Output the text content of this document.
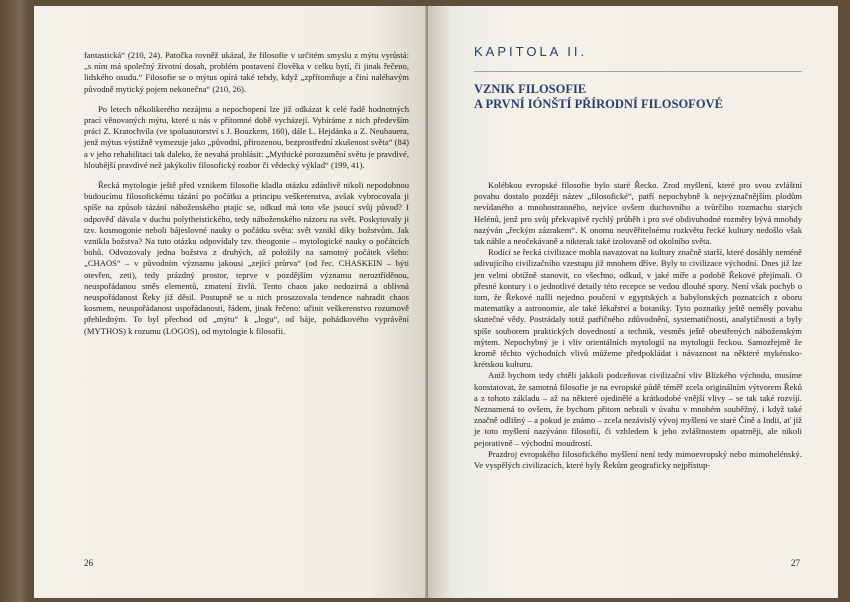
fantastická“ (210, 24). Patočka rovněž ukázal, že filosofie v určitém smyslu z mýtu vyrůstá: „s ním má společný životní dosah, problém postavení člověka v celku bytí, či jinak řečeno, lidského osudu.“ Filosofie se o mýtus opírá také tehdy, když „zpřítomňuje a činí naléhavým původně mytický pojem nekonečna“ (210, 26).

Po letech několikerého nezájmu a nepochopení lze již odkázat k celé řadě hodnotných prací věnovaných mýtu, které u nás v přítomné době vycházejí. Vybíráme z nich především práci Z. Kratochvíla (ve spoluautorství s J. Bouzkem, 160), dále L. Hejdánka a Z. Neubauera, jenž mýtus výstižně vymezuje jako „původní, přirozenou, bezprostřední zkušenost světa“ (84) a v jeho rehabilitaci tak daleko, že nevahá prohlásit: „Mythické porozumění světu je pravdivé, hloubější pravdivé než jakýkoliv filosofický rozbor či vědecký výklad“ (199, 41).

Řecká mytologie ještě před vznikem filosofie kladla otázku zdánlivě nikoli nepodobnou budoucímu filosofickému tázání po počátku a principu veškerenstva, avšak vybrocovala ji spíše na způsob tázání náboženského ptajíc se, odkud má toto vše jsoucí svůj původ? I odpověď dávala v duchu polytheistického, tedy náboženského názoru na svět. Poskytovaly ji tzv. kosmogonie neboli bájeslovné nauky o počátku světa: svět vznikl díky božstvům. Jak vznikla božstva? Na tuto otázku odpovídaly tzv. theogonie – mytologické nauky o počátcích bohů. Odvozovaly jedna božstva z druhých, až položily na samotný počátek všeho: „CHAOS“ – v původním významu jakousi „zející průrva“ (od řec. CHASKEIN – býti otevřen, zeti), tedy prázdný prostor, teprve v pozdějším významu neroztříděnou, neuspořádanou směs elementů, zmatení živlů. Tento chaos jako nedozírná a oblivná neuspořádanost Řeky již děsil. Postupně se u nich prosazovala tendence nahradit chaos kosmem, neuspořádanost uspořádaností, řádem, jinak řečeno: učinit veškerenstvo rozumově přehledným. To byl přechod od „mýtu“ k „logu“, od báje, pohádkového vyprávění (MYTHOS) k rozumu (LOGOS), od mytologie k filosofii.

26
KAPITOLA II.
VZNIK FILOSOFIE
A PRVNÍ IÓNŠTÍ PŘÍRODNÍ FILOSOFOVÉ

Kolébkou evropské filosofie bylo staré Řecko. Zrod myšlení, které pro svou zvláštní povahu dostalo později název „filosofické“, patří nepochybně k nejvýznačnějším plodům nevídaného a mnohostranného, nejvíce ovšem duchovního a tvůrčího rozmachu starých Helénů, jenž pro svůj překvapivě rychlý průběh i pro své obdivuhodné rozměry bývá mnohdy nazýván „řeckým zázrakem“. K onomu neuvěřitelnému rozkvětu řecké kultury nedošlo však tak náhle a neočekávaně a nikterak také izolovaně od okolního světa.

Rodící se řecká civilizace mohla navazovat na kultury značně starší, které dosáhly neméně udivujícího civilizačního vzestupu již mnohem dříve. Byly to civilizace východní. Dnes již lze jen velmi obtížně stanovit, co všechno, odkud, v jaké míře a podobě Řekové přejímali. O přesné kontury i o jednotlivé detaily této recepce se vedou dlouhé spory. Není však pochyb o tom, že Řekové našli nejedno poučení v egyptských a babylonských poznatcích z oboru matematiky a astronomie, ale také lékařství a botaniky. Tyto poznatky ještě neměly povahu skutečné vědy. Postrádaly totiž patřičného zdůvodnění, systematičnosti, analytičnosti a byly spíše souborem praktických dovedností a technik, vesměs ještě obestřených náboženským mýtem. Nepochybný je i vliv orientálních mytologií na mytologii řeckou. Samozřejmě že kromě těchto východních vlivů můžeme předpokládat i návaznost na některé mykénsko-krétskou kulturu.

Aniž bychom tedy chtěli jakkoli podceňovat civilizační vliv Blízkého východu, musíme konstatovat, že samotná filosofie je na evropské půdě téměř zcela originálním výtvorem Řeků a z tohoto základu – až na některé ojedinělé a krátkodobé vnější vlivy – se tak také rozvíjí. Neznamená to ovšem, že bychom přitom nebrali v úvahu v mnohém souběžný, i když také značně odlišný – a pokud je známo – zcela nezávislý vývoj myšlení ve staré Číně a Indii, ať již je toto myšlení nazýváno filosofií, či vzhledem k jeho zvláštnostem opatrněji, ale nikoli pejorativně – východní moudrostí.

Prazdroj evropského filosofického myšlení není tedy mimoevropský nebo mimohelénský. Ve vyspělých civilizacích, které byly Řekům geograficky nejpřístup-

27
